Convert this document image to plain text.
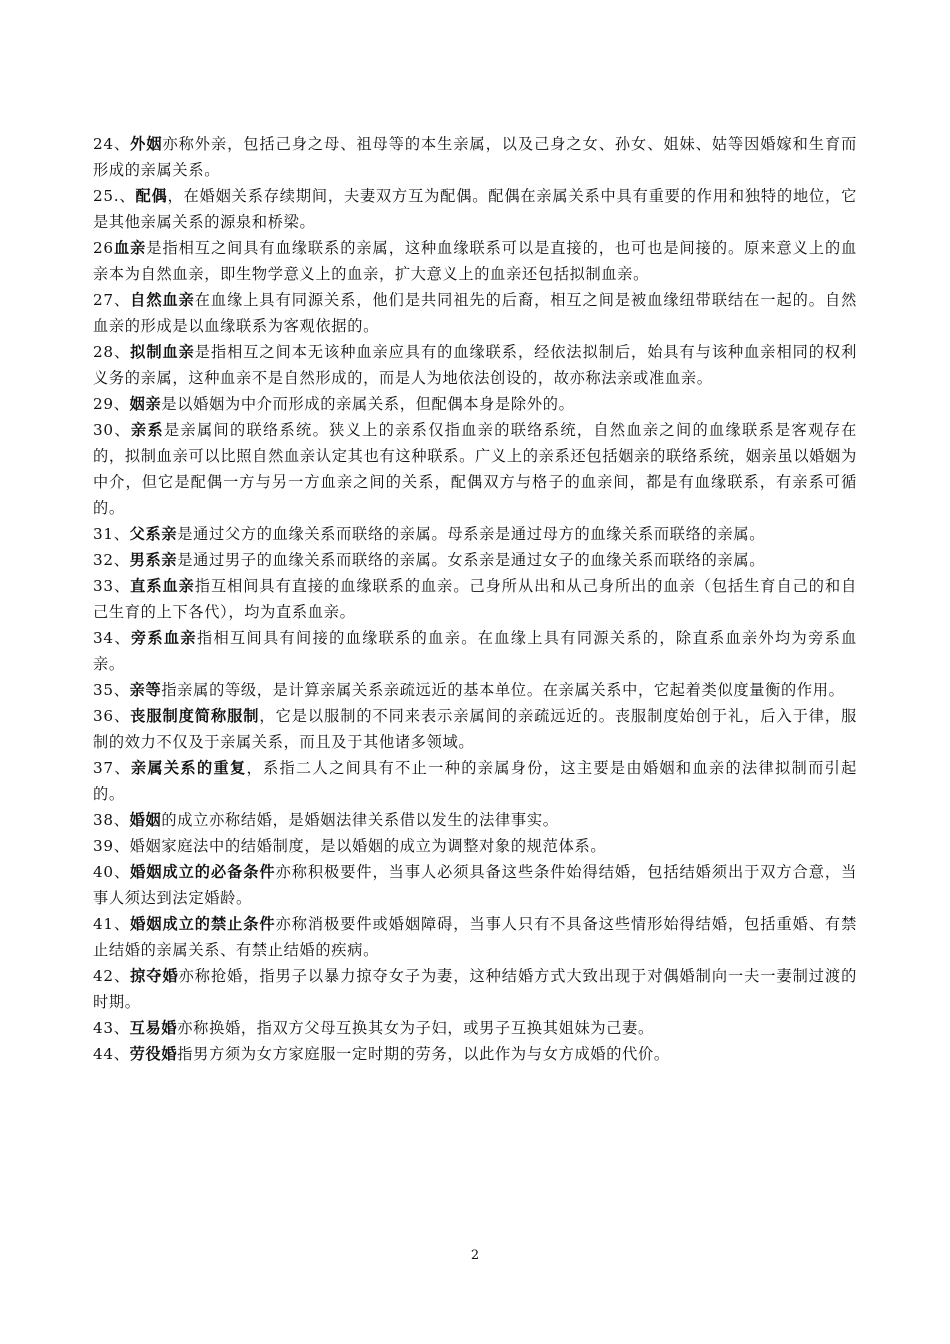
24、外姻亦称外亲，包括己身之母、祖母等的本生亲属，以及己身之女、孙女、姐妹、姑等因婚嫁和生育而形成的亲属关系。

25.、配偶，在婚姻关系存续期间，夫妻双方互为配偶。配偶在亲属关系中具有重要的作用和独特的地位，它是其他亲属关系的源泉和桥梁。

26血亲是指相互之间具有血缘联系的亲属，这种血缘联系可以是直接的，也可也是间接的。原来意义上的血亲本为自然血亲，即生物学意义上的血亲，扩大意义上的血亲还包括拟制血亲。

27、自然血亲在血缘上具有同源关系，他们是共同祖先的后裔，相互之间是被血缘纽带联结在一起的。自然血亲的形成是以血缘联系为客观依据的。

28、拟制血亲是指相互之间本无该种血亲应具有的血缘联系，经依法拟制后，始具有与该种血亲相同的权利义务的亲属，这种血亲不是自然形成的，而是人为地依法创设的，故亦称法亲或准血亲。

29、姻亲是以婚姻为中介而形成的亲属关系，但配偶本身是除外的。

30、亲系是亲属间的联络系统。狭义上的亲系仅指血亲的联络系统，自然血亲之间的血缘联系是客观存在的，拟制血亲可以比照自然血亲认定其也有这种联系。广义上的亲系还包括姻亲的联络系统，姻亲虽以婚姻为中介，但它是配偶一方与另一方血亲之间的关系，配偶双方与格子的血亲间，都是有血缘联系，有亲系可循的。

31、父系亲是通过父方的血缘关系而联络的亲属。母系亲是通过母方的血缘关系而联络的亲属。

32、男系亲是通过男子的血缘关系而联络的亲属。女系亲是通过女子的血缘关系而联络的亲属。

33、直系血亲指互相间具有直接的血缘联系的血亲。己身所从出和从己身所出的血亲（包括生育自己的和自己生育的上下各代），均为直系血亲。

34、旁系血亲指相互间具有间接的血缘联系的血亲。在血缘上具有同源关系的，除直系血亲外均为旁系血亲。

35、亲等指亲属的等级，是计算亲属关系亲疏远近的基本单位。在亲属关系中，它起着类似度量衡的作用。

36、丧服制度简称服制，它是以服制的不同来表示亲属间的亲疏远近的。丧服制度始创于礼，后入于律，服制的效力不仅及于亲属关系，而且及于其他诸多领域。

37、亲属关系的重复，系指二人之间具有不止一种的亲属身份，这主要是由婚姻和血亲的法律拟制而引起的。

38、婚姻的成立亦称结婚，是婚姻法律关系借以发生的法律事实。

39、婚姻家庭法中的结婚制度，是以婚姻的成立为调整对象的规范体系。

40、婚姻成立的必备条件亦称积极要件，当事人必须具备这些条件始得结婚，包括结婚须出于双方合意，当事人须达到法定婚龄。

41、婚姻成立的禁止条件亦称消极要件或婚姻障碍，当事人只有不具备这些情形始得结婚，包括重婚、有禁止结婚的亲属关系、有禁止结婚的疾病。

42、掠夺婚亦称抢婚，指男子以暴力掠夺女子为妻，这种结婚方式大致出现于对偶婚制向一夫一妻制过渡的时期。

43、互易婚亦称换婚，指双方父母互换其女为子妇，或男子互换其姐妹为己妻。

44、劳役婚指男方须为女方家庭服一定时期的劳务，以此作为与女方成婚的代价。

2
